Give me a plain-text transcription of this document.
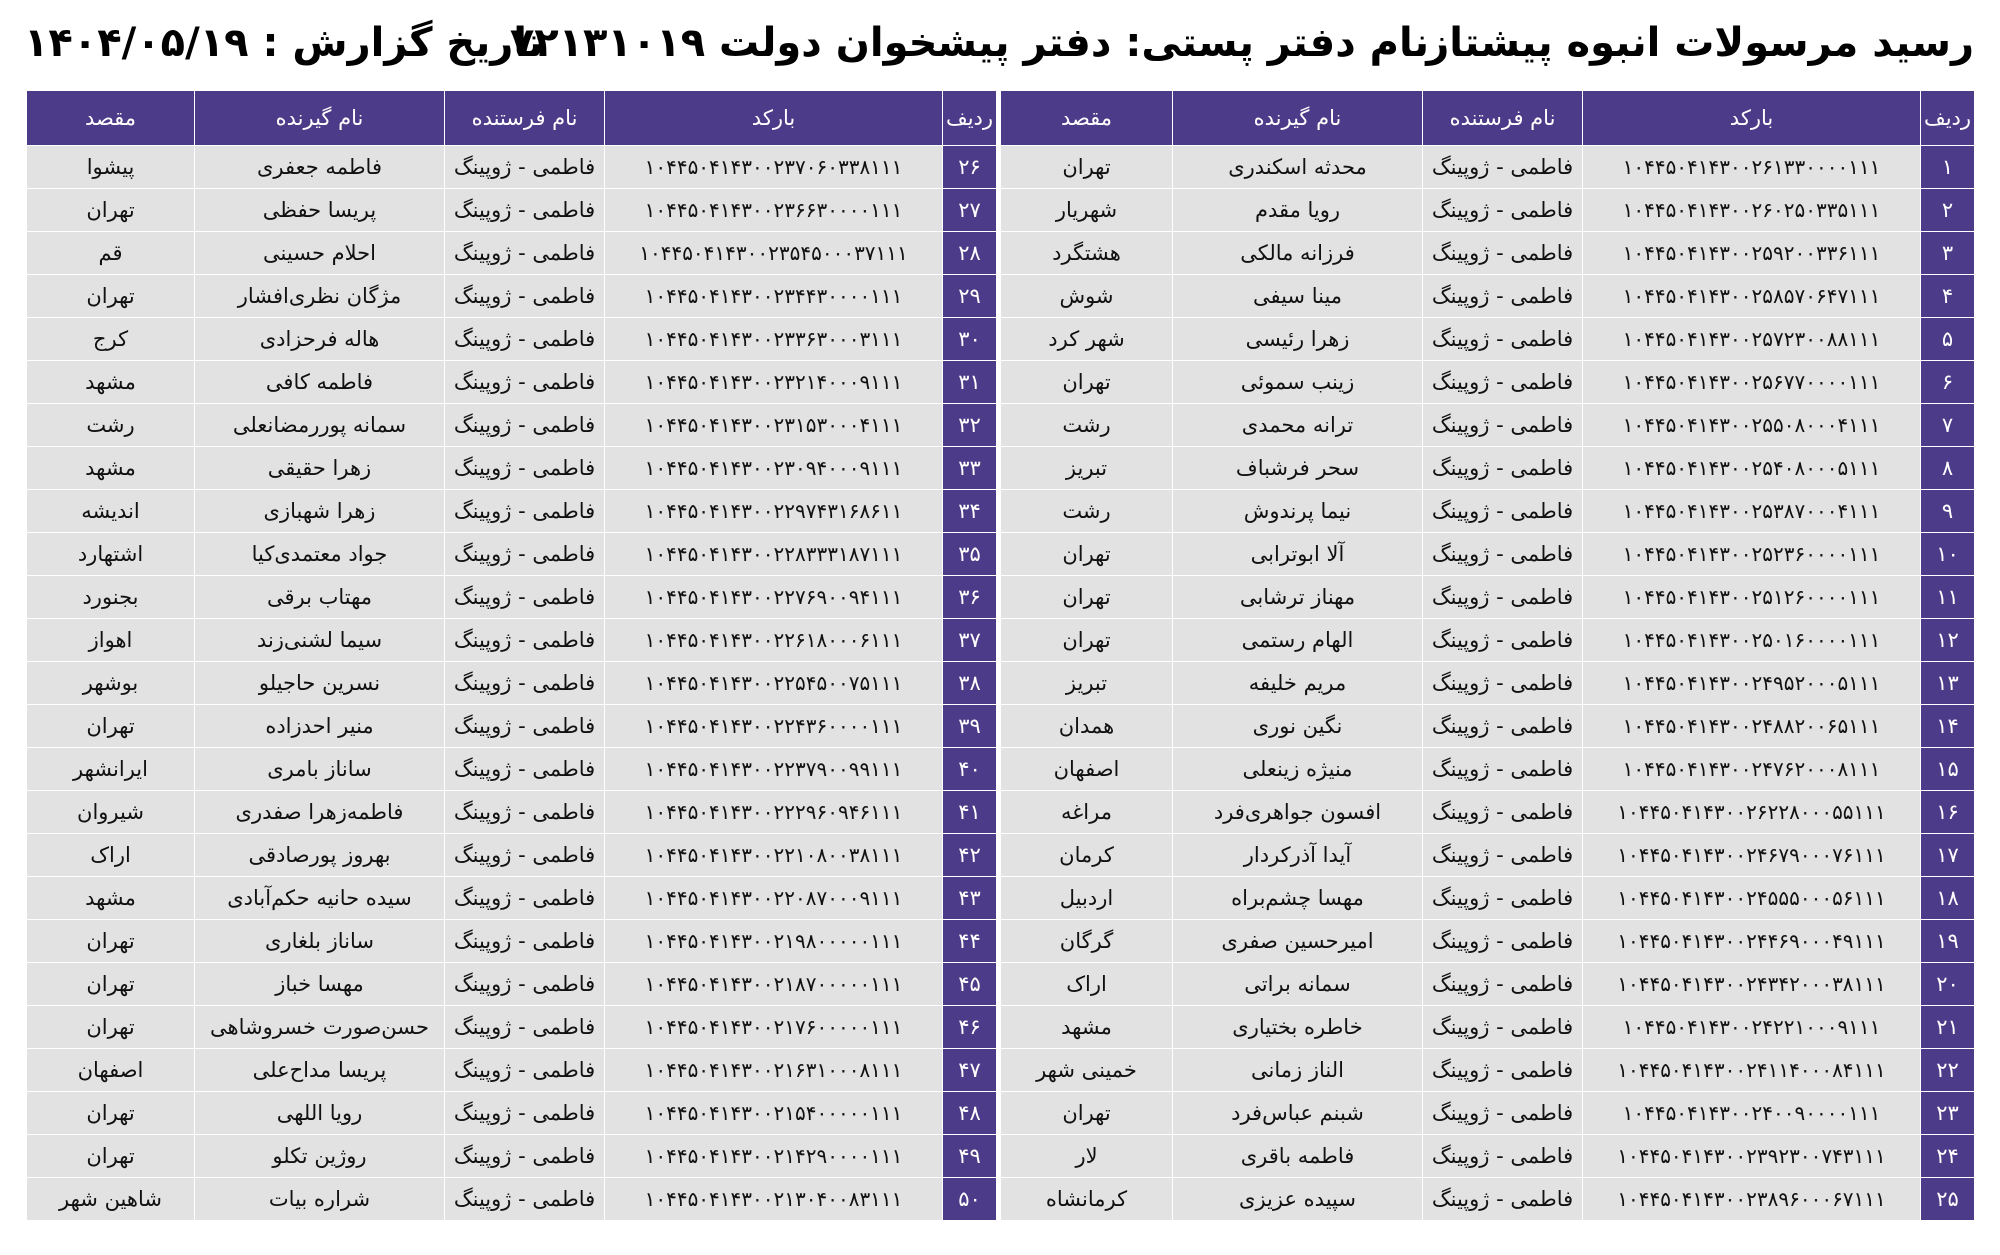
رسید مرسولات انبوه پیشتاز
نام دفتر پستی: دفتر پیشخوان دولت ۷۲۱۳۱۰۱۹
تاریخ گزارش : ۱۴۰۴/۰۵/۱۹
ردیف	بارکد	نام فرستنده	نام گیرنده	مقصد		ردیف	بارکد	نام فرستنده	نام گیرنده	مقصد
۱	۱۰۴۴۵۰۴۱۴۳۰۰۲۶۱۳۳۰۰۰۰۱۱۱	فاطمی - ژوپینگ	محدثه اسکندری	تهران		۲۶	۱۰۴۴۵۰۴۱۴۳۰۰۲۳۷۰۶۰۳۳۸۱۱۱	فاطمی - ژوپینگ	فاطمه جعفری	پیشوا
۲	۱۰۴۴۵۰۴۱۴۳۰۰۲۶۰۲۵۰۳۳۵۱۱۱	فاطمی - ژوپینگ	رویا مقدم	شهریار		۲۷	۱۰۴۴۵۰۴۱۴۳۰۰۲۳۶۶۳۰۰۰۰۱۱۱	فاطمی - ژوپینگ	پریسا حفظی	تهران
۳	۱۰۴۴۵۰۴۱۴۳۰۰۲۵۹۲۰۰۳۳۶۱۱۱	فاطمی - ژوپینگ	فرزانه مالکی	هشتگرد		۲۸	۱۰۴۴۵۰۴۱۴۳۰۰۲۳۵۴۵۰۰۰۳۷۱۱۱	فاطمی - ژوپینگ	احلام حسینی	قم
۴	۱۰۴۴۵۰۴۱۴۳۰۰۲۵۸۵۷۰۶۴۷۱۱۱	فاطمی - ژوپینگ	مینا سیفی	شوش		۲۹	۱۰۴۴۵۰۴۱۴۳۰۰۲۳۴۴۳۰۰۰۰۱۱۱	فاطمی - ژوپینگ	مژگان نظری‌افشار	تهران
۵	۱۰۴۴۵۰۴۱۴۳۰۰۲۵۷۲۳۰۰۸۸۱۱۱	فاطمی - ژوپینگ	زهرا رئیسی	شهر کرد		۳۰	۱۰۴۴۵۰۴۱۴۳۰۰۲۳۳۶۳۰۰۰۳۱۱۱	فاطمی - ژوپینگ	هاله فرحزادی	کرج
۶	۱۰۴۴۵۰۴۱۴۳۰۰۲۵۶۷۷۰۰۰۰۱۱۱	فاطمی - ژوپینگ	زینب سموئی	تهران		۳۱	۱۰۴۴۵۰۴۱۴۳۰۰۲۳۲۱۴۰۰۰۹۱۱۱	فاطمی - ژوپینگ	فاطمه کافی	مشهد
۷	۱۰۴۴۵۰۴۱۴۳۰۰۲۵۵۰۸۰۰۰۴۱۱۱	فاطمی - ژوپینگ	ترانه محمدی	رشت		۳۲	۱۰۴۴۵۰۴۱۴۳۰۰۲۳۱۵۳۰۰۰۴۱۱۱	فاطمی - ژوپینگ	سمانه پوررمضانعلی	رشت
۸	۱۰۴۴۵۰۴۱۴۳۰۰۲۵۴۰۸۰۰۰۵۱۱۱	فاطمی - ژوپینگ	سحر فرشباف	تبریز		۳۳	۱۰۴۴۵۰۴۱۴۳۰۰۲۳۰۹۴۰۰۰۹۱۱۱	فاطمی - ژوپینگ	زهرا حقیقی	مشهد
۹	۱۰۴۴۵۰۴۱۴۳۰۰۲۵۳۸۷۰۰۰۴۱۱۱	فاطمی - ژوپینگ	نیما پرندوش	رشت		۳۴	۱۰۴۴۵۰۴۱۴۳۰۰۲۲۹۷۴۳۱۶۸۶۱۱	فاطمی - ژوپینگ	زهرا شهبازی	اندیشه
۱۰	۱۰۴۴۵۰۴۱۴۳۰۰۲۵۲۳۶۰۰۰۰۱۱۱	فاطمی - ژوپینگ	آلا ابوترابی	تهران		۳۵	۱۰۴۴۵۰۴۱۴۳۰۰۲۲۸۳۳۳۱۸۷۱۱۱	فاطمی - ژوپینگ	جواد معتمدی‌کیا	اشتهارد
۱۱	۱۰۴۴۵۰۴۱۴۳۰۰۲۵۱۲۶۰۰۰۰۱۱۱	فاطمی - ژوپینگ	مهناز ترشابی	تهران		۳۶	۱۰۴۴۵۰۴۱۴۳۰۰۲۲۷۶۹۰۰۹۴۱۱۱	فاطمی - ژوپینگ	مهتاب برقی	بجنورد
۱۲	۱۰۴۴۵۰۴۱۴۳۰۰۲۵۰۱۶۰۰۰۰۱۱۱	فاطمی - ژوپینگ	الهام رستمی	تهران		۳۷	۱۰۴۴۵۰۴۱۴۳۰۰۲۲۶۱۸۰۰۰۶۱۱۱	فاطمی - ژوپینگ	سیما لشنی‌زند	اهواز
۱۳	۱۰۴۴۵۰۴۱۴۳۰۰۲۴۹۵۲۰۰۰۵۱۱۱	فاطمی - ژوپینگ	مریم خلیفه	تبریز		۳۸	۱۰۴۴۵۰۴۱۴۳۰۰۲۲۵۴۵۰۰۷۵۱۱۱	فاطمی - ژوپینگ	نسرین حاجیلو	بوشهر
۱۴	۱۰۴۴۵۰۴۱۴۳۰۰۲۴۸۸۲۰۰۶۵۱۱۱	فاطمی - ژوپینگ	نگین نوری	همدان		۳۹	۱۰۴۴۵۰۴۱۴۳۰۰۲۲۴۳۶۰۰۰۰۱۱۱	فاطمی - ژوپینگ	منیر احدزاده	تهران
۱۵	۱۰۴۴۵۰۴۱۴۳۰۰۲۴۷۶۲۰۰۰۸۱۱۱	فاطمی - ژوپینگ	منیژه زینعلی	اصفهان		۴۰	۱۰۴۴۵۰۴۱۴۳۰۰۲۲۳۷۹۰۰۹۹۱۱۱	فاطمی - ژوپینگ	ساناز بامری	ایرانشهر
۱۶	۱۰۴۴۵۰۴۱۴۳۰۰۲۶۲۲۸۰۰۰۵۵۱۱۱	فاطمی - ژوپینگ	افسون جواهری‌فرد	مراغه		۴۱	۱۰۴۴۵۰۴۱۴۳۰۰۲۲۲۹۶۰۹۴۶۱۱۱	فاطمی - ژوپینگ	فاطمه‌زهرا صفدری	شیروان
۱۷	۱۰۴۴۵۰۴۱۴۳۰۰۲۴۶۷۹۰۰۰۷۶۱۱۱	فاطمی - ژوپینگ	آیدا آذرکردار	کرمان		۴۲	۱۰۴۴۵۰۴۱۴۳۰۰۲۲۱۰۸۰۰۳۸۱۱۱	فاطمی - ژوپینگ	بهروز پورصادقی	اراک
۱۸	۱۰۴۴۵۰۴۱۴۳۰۰۲۴۵۵۵۰۰۰۵۶۱۱۱	فاطمی - ژوپینگ	مهسا چشم‌براه	اردبیل		۴۳	۱۰۴۴۵۰۴۱۴۳۰۰۲۲۰۸۷۰۰۰۹۱۱۱	فاطمی - ژوپینگ	سیده حانیه حکم‌آبادی	مشهد
۱۹	۱۰۴۴۵۰۴۱۴۳۰۰۲۴۴۶۹۰۰۰۴۹۱۱۱	فاطمی - ژوپینگ	امیرحسین صفری	گرگان		۴۴	۱۰۴۴۵۰۴۱۴۳۰۰۲۱۹۸۰۰۰۰۰۱۱۱	فاطمی - ژوپینگ	ساناز بلغاری	تهران
۲۰	۱۰۴۴۵۰۴۱۴۳۰۰۲۴۳۴۲۰۰۰۳۸۱۱۱	فاطمی - ژوپینگ	سمانه براتی	اراک		۴۵	۱۰۴۴۵۰۴۱۴۳۰۰۲۱۸۷۰۰۰۰۰۱۱۱	فاطمی - ژوپینگ	مهسا خباز	تهران
۲۱	۱۰۴۴۵۰۴۱۴۳۰۰۲۴۲۲۱۰۰۰۹۱۱۱	فاطمی - ژوپینگ	خاطره بختیاری	مشهد		۴۶	۱۰۴۴۵۰۴۱۴۳۰۰۲۱۷۶۰۰۰۰۰۱۱۱	فاطمی - ژوپینگ	حسن‌صورت خسروشاهی	تهران
۲۲	۱۰۴۴۵۰۴۱۴۳۰۰۲۴۱۱۴۰۰۰۸۴۱۱۱	فاطمی - ژوپینگ	الناز زمانی	خمینی شهر		۴۷	۱۰۴۴۵۰۴۱۴۳۰۰۲۱۶۳۱۰۰۰۸۱۱۱	فاطمی - ژوپینگ	پریسا مداح‌علی	اصفهان
۲۳	۱۰۴۴۵۰۴۱۴۳۰۰۲۴۰۰۹۰۰۰۰۱۱۱	فاطمی - ژوپینگ	شبنم عباس‌فرد	تهران		۴۸	۱۰۴۴۵۰۴۱۴۳۰۰۲۱۵۴۰۰۰۰۰۱۱۱	فاطمی - ژوپینگ	رویا اللهی	تهران
۲۴	۱۰۴۴۵۰۴۱۴۳۰۰۲۳۹۲۳۰۰۷۴۳۱۱۱	فاطمی - ژوپینگ	فاطمه باقری	لار		۴۹	۱۰۴۴۵۰۴۱۴۳۰۰۲۱۴۲۹۰۰۰۰۱۱۱	فاطمی - ژوپینگ	روژین تکلو	تهران
۲۵	۱۰۴۴۵۰۴۱۴۳۰۰۲۳۸۹۶۰۰۰۶۷۱۱۱	فاطمی - ژوپینگ	سپیده عزیزی	کرمانشاه		۵۰	۱۰۴۴۵۰۴۱۴۳۰۰۲۱۳۰۴۰۰۸۳۱۱۱	فاطمی - ژوپینگ	شراره بیات	شاهین شهر
